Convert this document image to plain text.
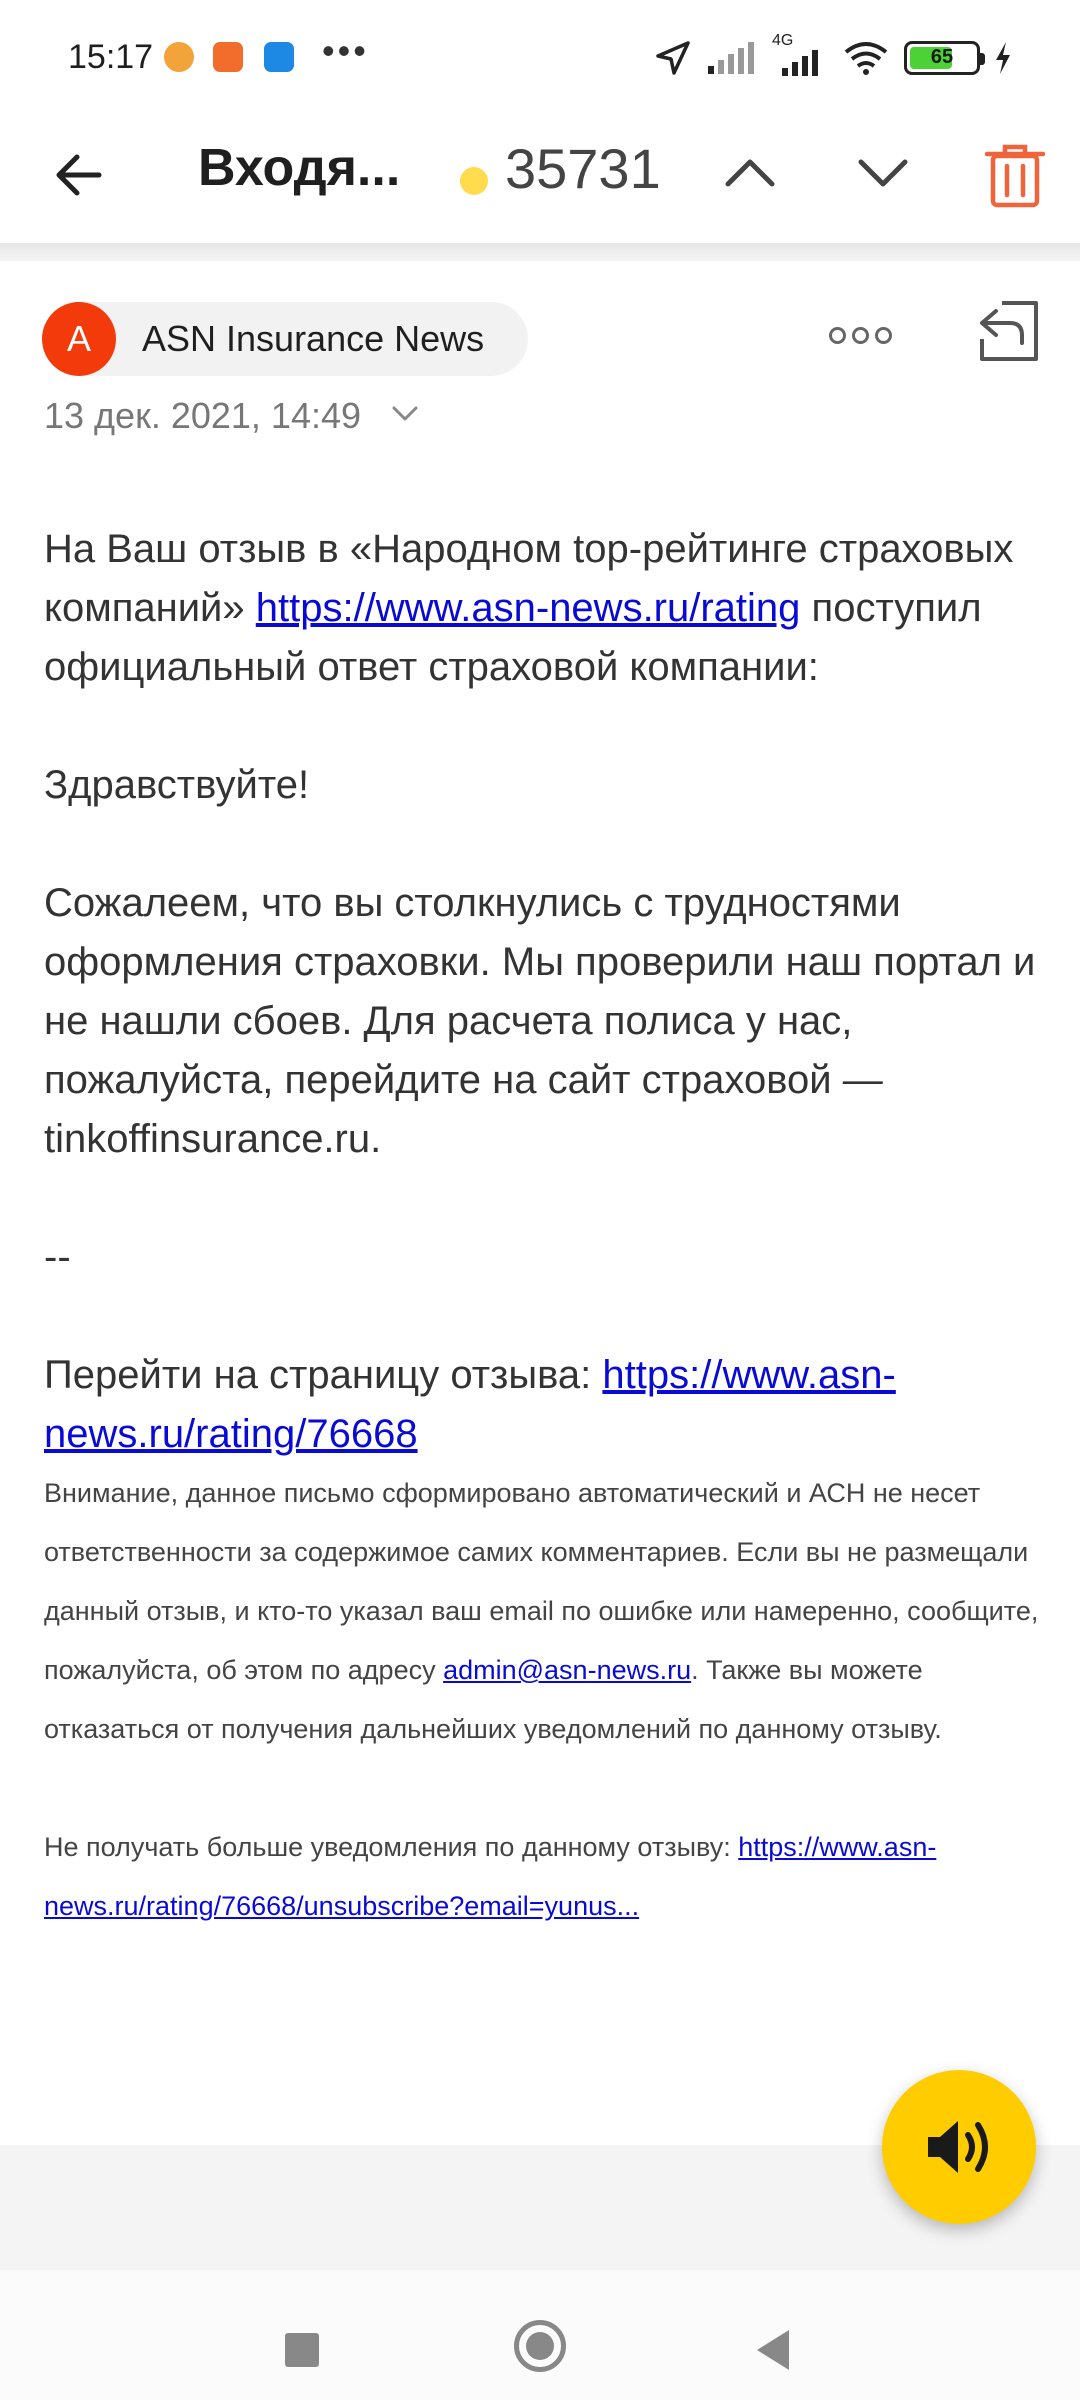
15:17	•••	4G
65
Входя... 35731
A	ASN Insurance News
13 дек. 2021, 14:49

На Ваш отзыв в «Народном top-рейтинге страховых компаний» https://www.asn-news.ru/rating поступил официальный ответ страховой компании:

Здравствуйте!

Сожалеем, что вы столкнулись с трудностями оформления страховки. Мы проверили наш портал и не нашли сбоев. Для расчета полиса у нас, пожалуйста, перейдите на сайт страховой — tinkoffinsurance.ru.

--

Перейти на страницу отзыва: https://www.asn-news.ru/rating/76668

Внимание, данное письмо сформировано автоматический и АСН не несет ответственности за содержимое самих комментариев. Если вы не размещали данный отзыв, и кто-то указал ваш email по ошибке или намеренно, сообщите, пожалуйста, об этом по адресу admin@asn-news.ru. Также вы можете отказаться от получения дальнейших уведомлений по данному отзыву.

Не получать больше уведомления по данному отзыву: https://www.asn-news.ru/rating/76668/unsubscribe?email=yunus...
